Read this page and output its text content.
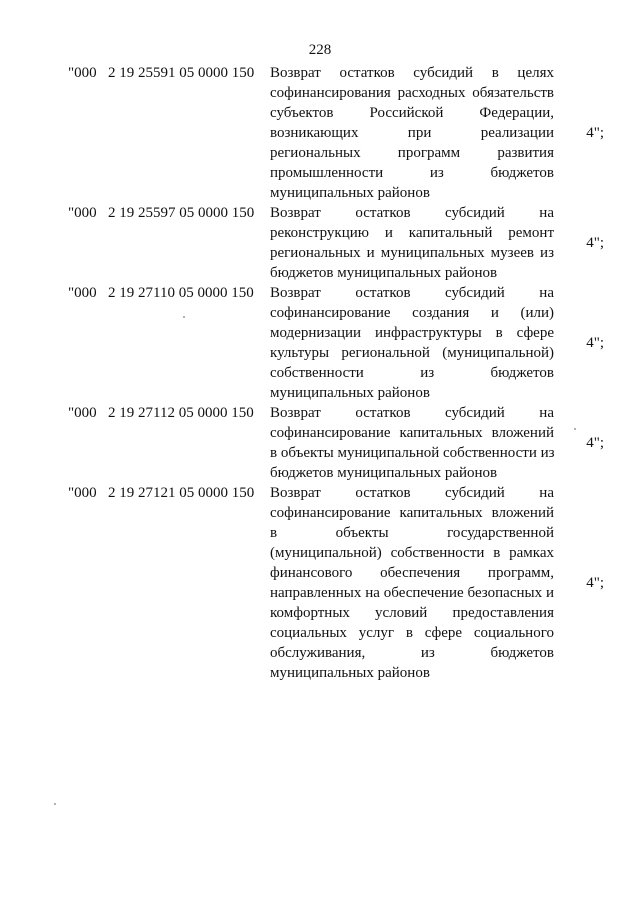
228
"000 2 19 25591 05 0000 150	Возврат остатков субсидий в целях
софинансирования расходных обязательств
субъектов Российской Федерации,
возникающих при реализации
региональных программ развития
промышленности из бюджетов
муниципальных районов
4";
"000 2 19 25597 05 0000 150	Возврат остатков субсидий на
реконструкцию и капитальный ремонт
региональных и муниципальных музеев из
бюджетов муниципальных районов
4";
"000 2 19 27110 05 0000 150	Возврат остатков субсидий на
софинансирование создания и (или)
модернизации инфраструктуры в сфере
культуры региональной (муниципальной)
собственности из бюджетов
муниципальных районов
4";
"000 2 19 27112 05 0000 150	Возврат остатков субсидий на
софинансирование капитальных вложений
в объекты муниципальной собственности из
бюджетов муниципальных районов
4";
"000 2 19 27121 05 0000 150	Возврат остатков субсидий на
софинансирование капитальных вложений
в объекты государственной
(муниципальной) собственности в рамках
финансового обеспечения программ,
направленных на обеспечение безопасных и
комфортных условий предоставления
социальных услуг в сфере социального
обслуживания, из бюджетов
муниципальных районов
4";
